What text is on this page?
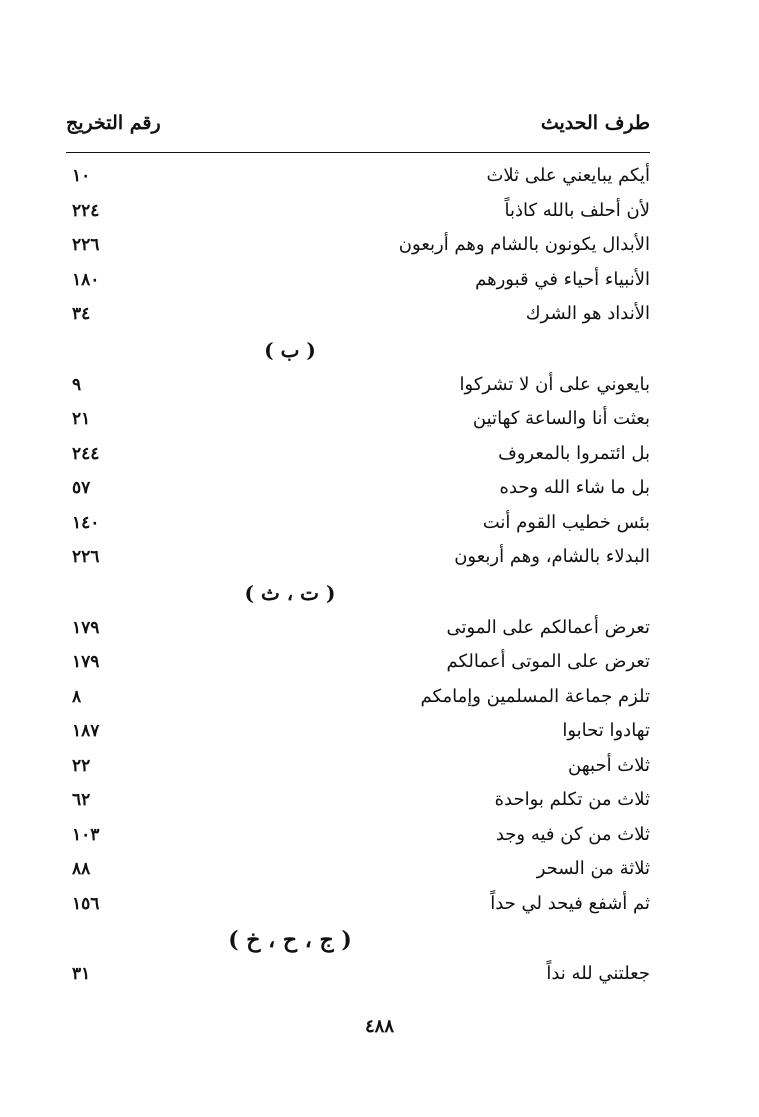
طرف الحديث
رقم التخريج
أيكم يبايعني على ثلاث
١٠
لأن أحلف بالله كاذباً
٢٢٤
الأبدال يكونون بالشام وهم أربعون
٢٢٦
الأنبياء أحياء في قبورهم
١٨٠
الأنداد هو الشرك
٣٤
( ب )
بايعوني على أن لا تشركوا
٩
بعثت أنا والساعة كهاتين
٢١
بل ائتمروا بالمعروف
٢٤٤
بل ما شاء الله وحده
٥٧
بئس خطيب القوم أنت
١٤٠
البدلاء بالشام، وهم أربعون
٢٢٦
( ت ، ث )
تعرض أعمالكم على الموتى
١٧٩
تعرض على الموتى أعمالكم
١٧٩
تلزم جماعة المسلمين وإمامكم
٨
تهادوا تحابوا
١٨٧
ثلاث أحبهن
٢٢
ثلاث من تكلم بواحدة
٦٢
ثلاث من كن فيه وجد
١٠٣
ثلاثة من السحر
٨٨
ثم أشفع فيحد لي حداً
١٥٦
( ج ، ح ، خ )
جعلتني لله نداً
٣١
٤٨٨
